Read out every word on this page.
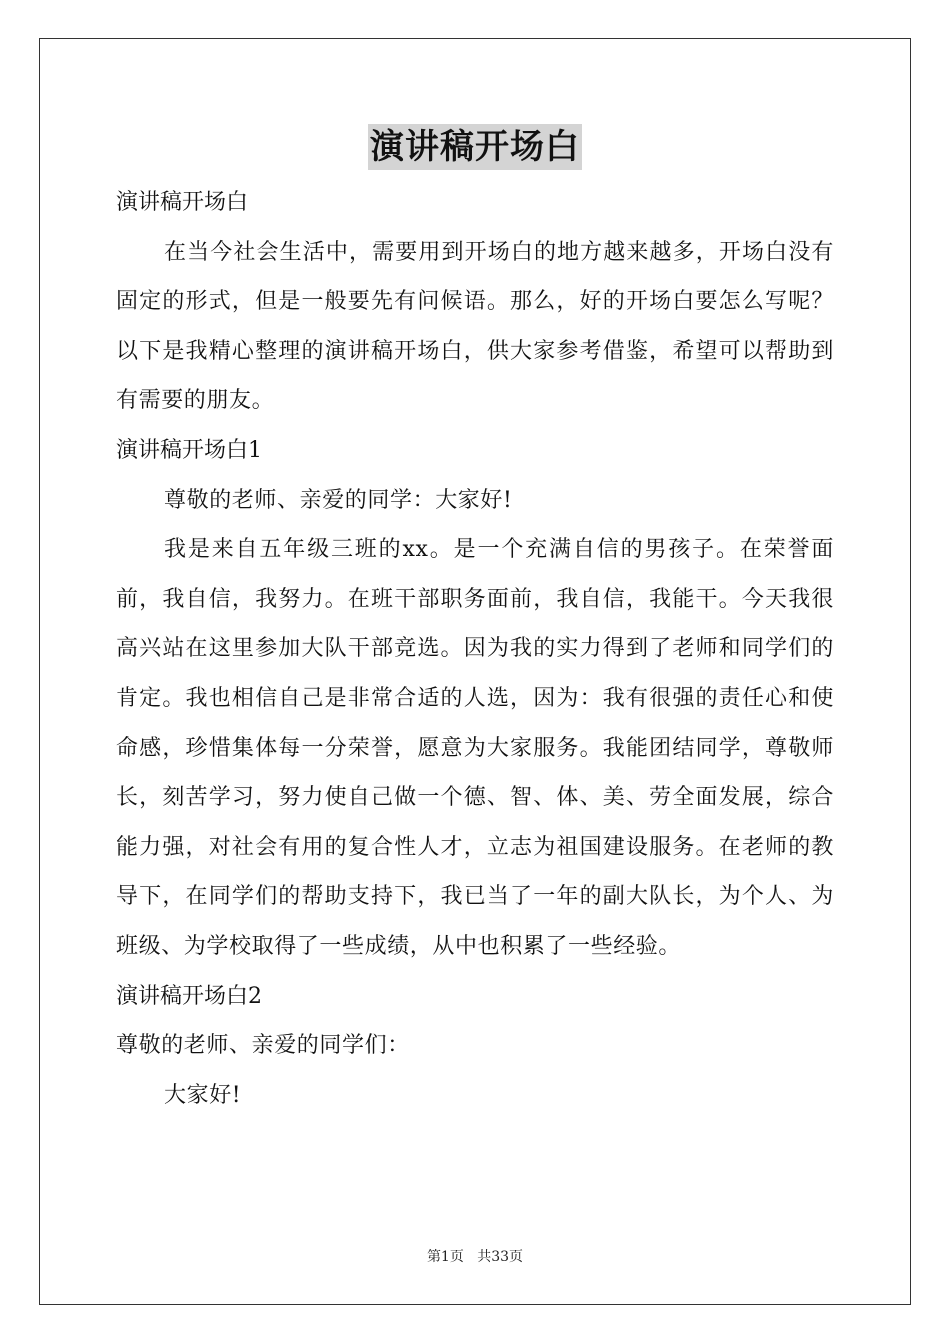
演讲稿开场白

演讲稿开场白

在当今社会生活中，需要用到开场白的地方越来越多，开场白没有固定的形式，但是一般要先有问候语。那么，好的开场白要怎么写呢？以下是我精心整理的演讲稿开场白，供大家参考借鉴，希望可以帮助到有需要的朋友。

演讲稿开场白1

尊敬的老师、亲爱的同学：大家好!

我是来自五年级三班的xx。是一个充满自信的男孩子。在荣誉面前，我自信，我努力。在班干部职务面前，我自信，我能干。今天我很高兴站在这里参加大队干部竞选。因为我的实力得到了老师和同学们的肯定。我也相信自己是非常合适的人选，因为：我有很强的责任心和使命感，珍惜集体每一分荣誉，愿意为大家服务。我能团结同学，尊敬师长，刻苦学习，努力使自己做一个德、智、体、美、劳全面发展，综合能力强，对社会有用的复合性人才，立志为祖国建设服务。在老师的教导下，在同学们的帮助支持下，我已当了一年的副大队长，为个人、为班级、为学校取得了一些成绩，从中也积累了一些经验。

演讲稿开场白2

尊敬的老师、亲爱的同学们：

大家好!

第1页 共33页
